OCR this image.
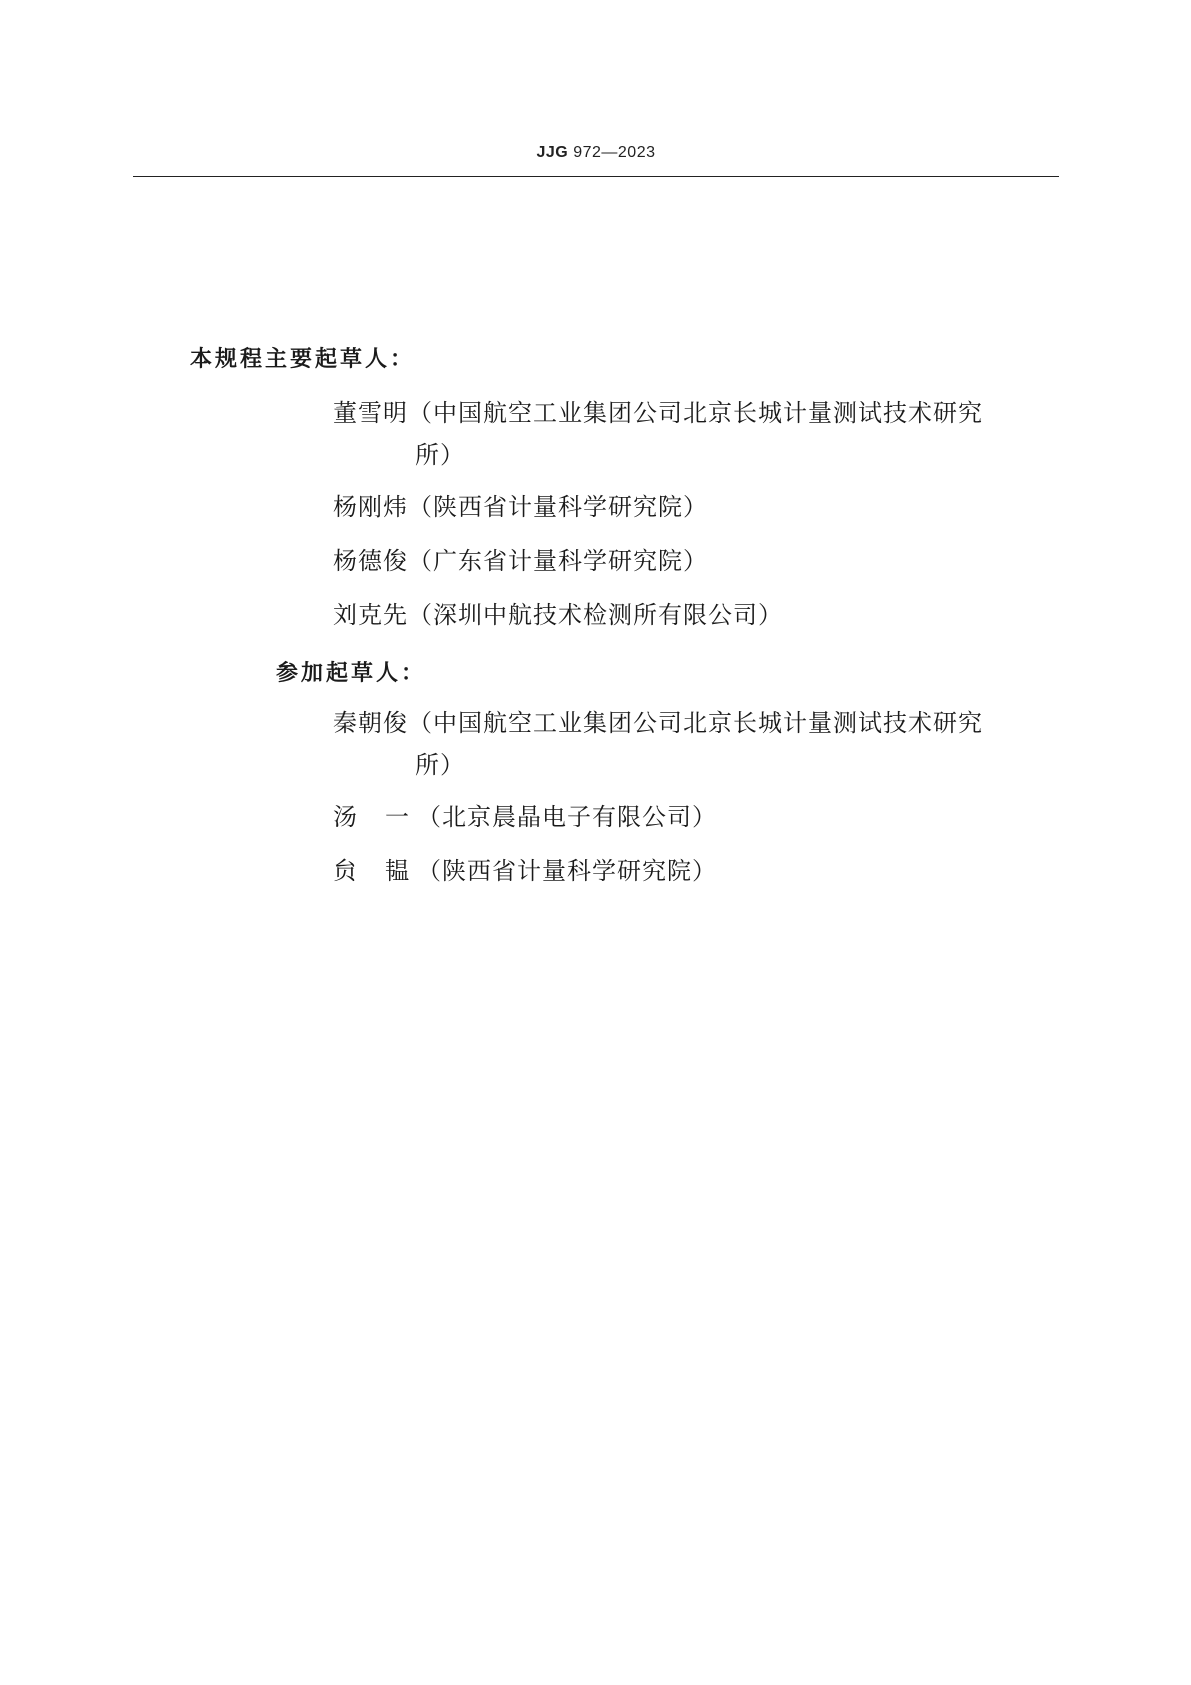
JJG 972—2023
本规程主要起草人：
董雪明（中国航空工业集团公司北京长城计量测试技术研究
所）
杨刚炜（陕西省计量科学研究院）
杨德俊（广东省计量科学研究院）
刘克先（深圳中航技术检测所有限公司）
参加起草人：
秦朝俊（中国航空工业集团公司北京长城计量测试技术研究
所）
汤 一 （北京晨晶电子有限公司）
贠 韫 （陕西省计量科学研究院）
